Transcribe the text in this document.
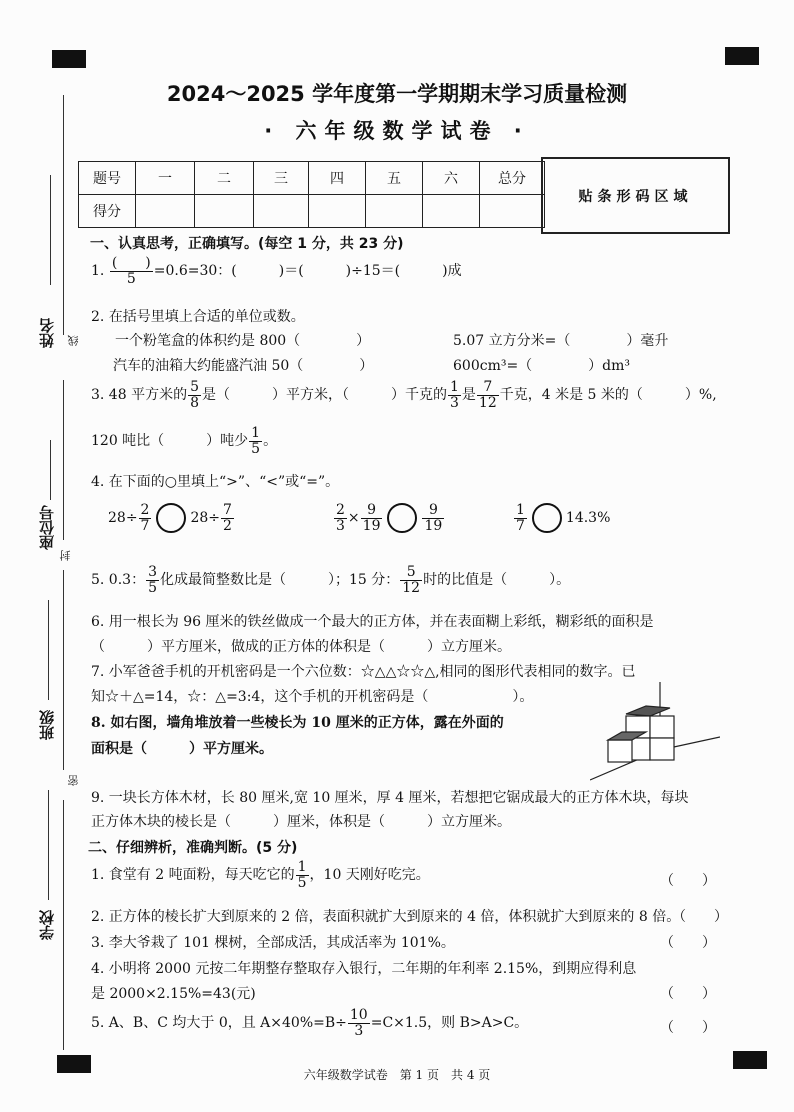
2024～2025 学年度第一学期期末学习质量检测
· 六年级数学试卷 ·
题号	一	二	三	四	五	六	总分
得分							
贴条形码区域
姓名 线
座位号
封
班级
密
学校
一、认真思考，正确填写。(每空 1 分，共 23 分)
1. $\frac{( )}{5} =0.6=30$：(　　　)＝(　　　)÷15＝(　　　)成
2. 在括号里填上合适的单位或数。
一个粉笔盒的体积约是 800（　　　　）	5.07 立方分米=（　　　　）毫升
汽车的油箱大约能盛汽油 50（　　　　）	600cm³=（　　　　）dm³
3. 48 平方米的 $\frac{5}{8}$ 是（　　　）平方米，（　　　）千克的 $\frac{1}{3}$ 是 $\frac{7}{12}$ 千克，4 米是 5 米的（　　　）%,
120 吨比（　　　）吨少 $\frac{1}{5}$ 。
4. 在下面的○里填上“>”、“<”或“=”。
$28\div \frac{2}{7}$	$28\div \frac{7}{2}$	$\frac{2}{3} \times \frac{9}{19}$	$\frac{9}{19}$	$\frac{1}{7}$	14.3%
5. 0.3： $\frac{3}{5}$ 化成最简整数比是（　　　）；15 分： $\frac{5}{12}$ 时的比值是（　　　）。
6. 用一根长为 96 厘米的铁丝做成一个最大的正方体，并在表面糊上彩纸，糊彩纸的面积是
（　　　）平方厘米，做成的正方体的体积是（　　　）立方厘米。
7. 小军爸爸手机的开机密码是一个六位数：☆△△☆☆△,相同的图形代表相同的数字。已
知☆＋△=14，☆：△=3:4，这个手机的开机密码是（　　　　　　）。
8. 如右图，墙角堆放着一些棱长为 10 厘米的正方体，露在外面的
面积是（　　　）平方厘米。
9. 一块长方体木材，长 80 厘米,宽 10 厘米，厚 4 厘米，若想把它锯成最大的正方体木块，每块
正方体木块的棱长是（　　　）厘米，体积是（　　　）立方厘米。
二、仔细辨析，准确判断。(5 分)
1. 食堂有 2 吨面粉，每天吃它的 $\frac{1}{5}$ ，10 天刚好吃完。	（　　）
2. 正方体的棱长扩大到原来的 2 倍，表面积就扩大到原来的 4 倍，体积就扩大到原来的 8 倍。
（　　）
3. 李大爷栽了 101 棵树，全部成活，其成活率为 101%。	（　　）
4. 小明将 2000 元按二年期整存整取存入银行，二年期的年利率 2.15%，到期应得利息
是 2000×2.15%=43(元)	（　　）
5. A、B、C 均大于 0，且 $A\times 40\%=B\div \frac{10}{3} =C\times 1.5$，则 B>A>C。	（　　）
六年级数学试卷　第 1 页　共 4 页
